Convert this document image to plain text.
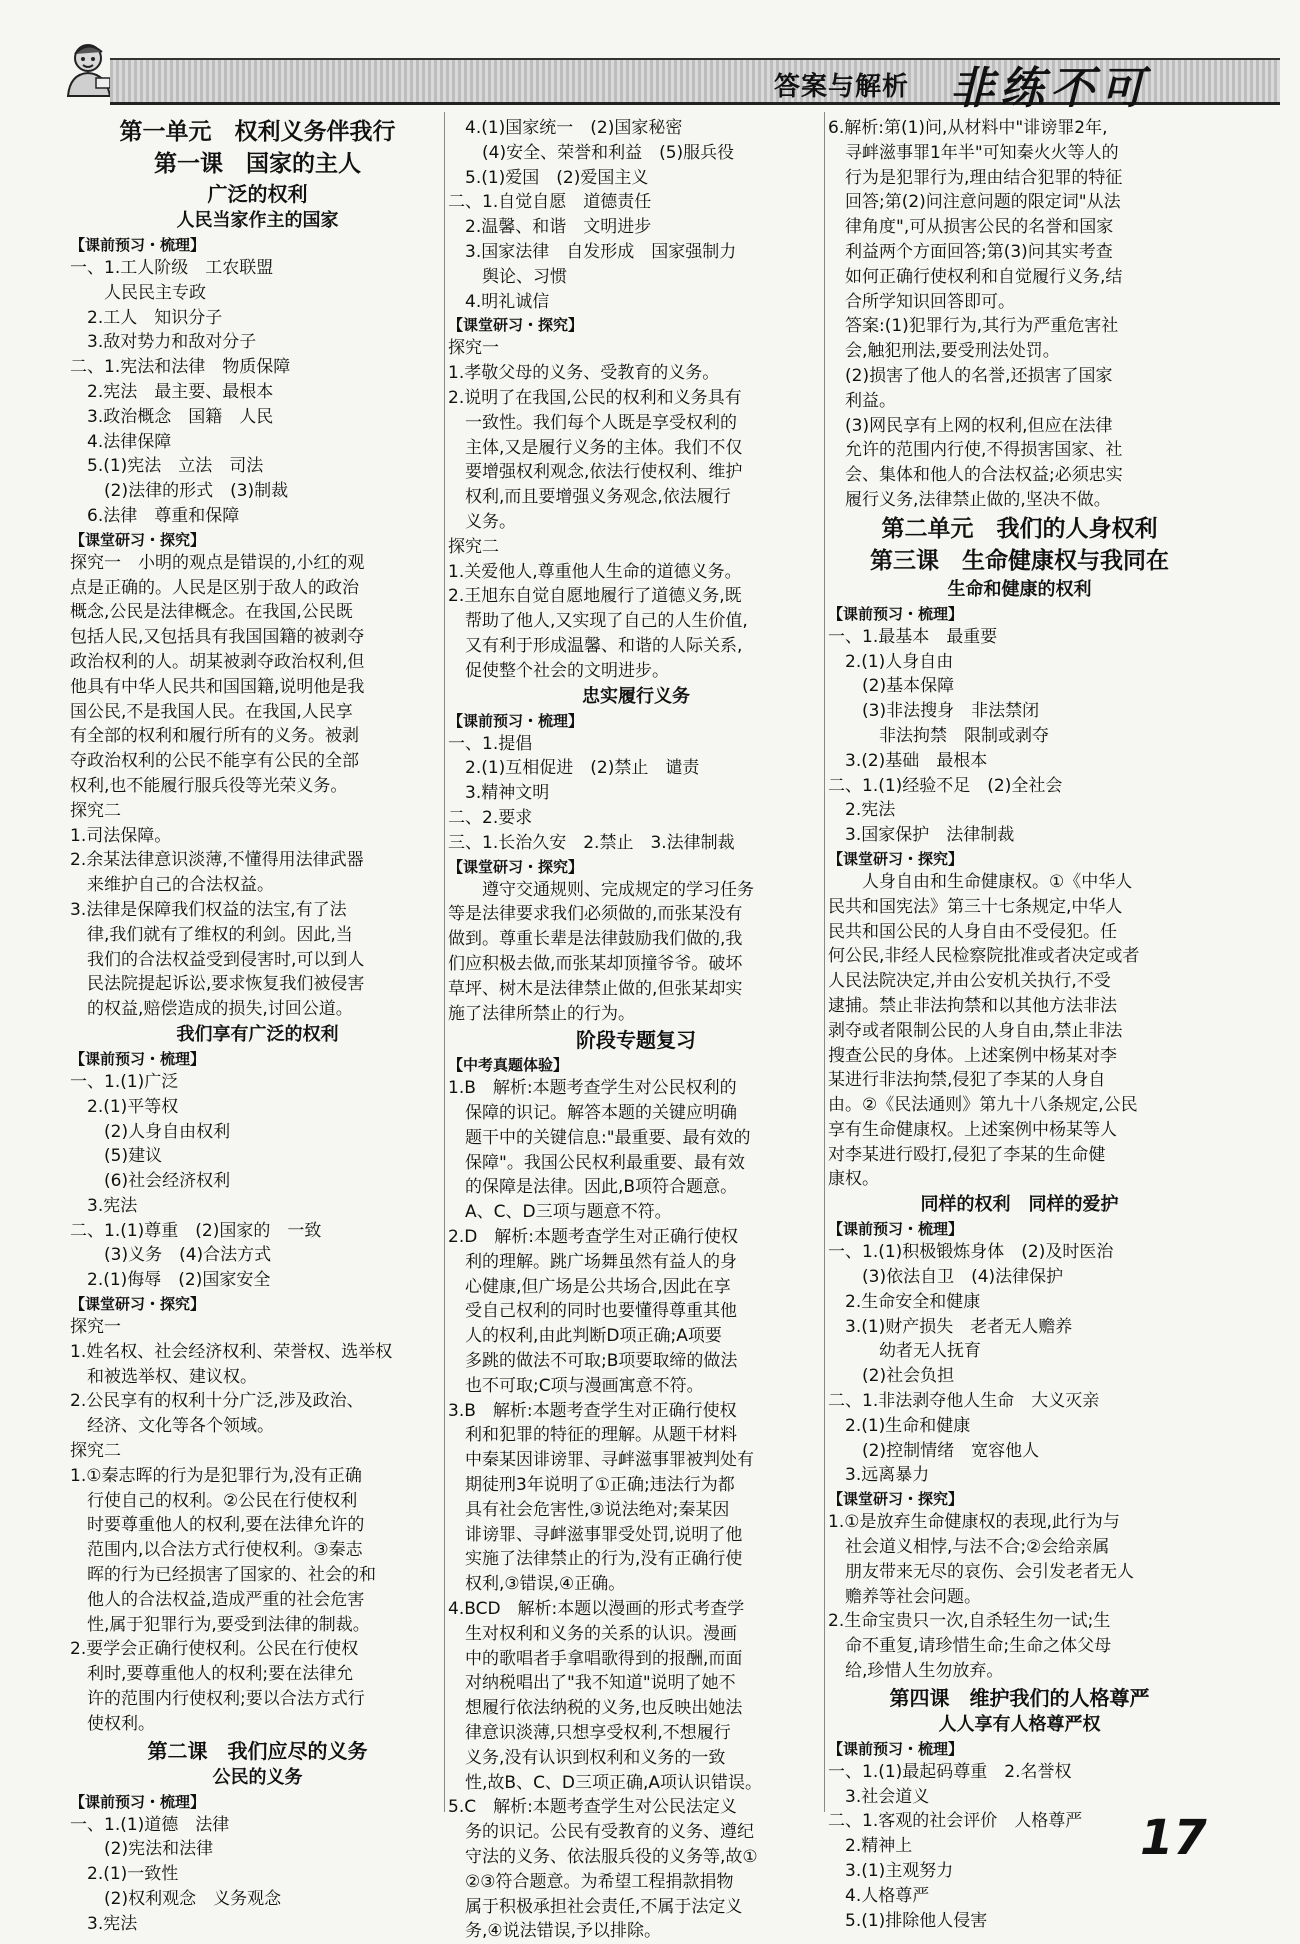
答案与解析 非练不可
第一单元　权利义务伴我行
第一课　国家的主人
广泛的权利
人民当家作主的国家
【课前预习・梳理】
一、1.工人阶级　工农联盟
　　人民民主专政
　2.工人　知识分子
　3.敌对势力和敌对分子
二、1.宪法和法律　物质保障
　2.宪法　最主要、最根本
　3.政治概念　国籍　人民
　4.法律保障
　5.(1)宪法　立法　司法
　　(2)法律的形式　(3)制裁
　6.法律　尊重和保障
【课堂研习・探究】
探究一　小明的观点是错误的,小红的观
点是正确的。人民是区别于敌人的政治
概念,公民是法律概念。在我国,公民既
包括人民,又包括具有我国国籍的被剥夺
政治权利的人。胡某被剥夺政治权利,但
他具有中华人民共和国国籍,说明他是我
国公民,不是我国人民。在我国,人民享
有全部的权利和履行所有的义务。被剥
夺政治权利的公民不能享有公民的全部
权利,也不能履行服兵役等光荣义务。
探究二
1.司法保障。
2.余某法律意识淡薄,不懂得用法律武器
　来维护自己的合法权益。
3.法律是保障我们权益的法宝,有了法
　律,我们就有了维权的利剑。因此,当
　我们的合法权益受到侵害时,可以到人
　民法院提起诉讼,要求恢复我们被侵害
　的权益,赔偿造成的损失,讨回公道。
我们享有广泛的权利
【课前预习・梳理】
一、1.(1)广泛
　2.(1)平等权
　　(2)人身自由权利
　　(5)建议
　　(6)社会经济权利
　3.宪法
二、1.(1)尊重　(2)国家的　一致
　　(3)义务　(4)合法方式
　2.(1)侮辱　(2)国家安全
【课堂研习・探究】
探究一
1.姓名权、社会经济权利、荣誉权、选举权
　和被选举权、建议权。
2.公民享有的权利十分广泛,涉及政治、
　经济、文化等各个领域。
探究二
1.①秦志晖的行为是犯罪行为,没有正确
　行使自己的权利。②公民在行使权利
　时要尊重他人的权利,要在法律允许的
　范围内,以合法方式行使权利。③秦志
　晖的行为已经损害了国家的、社会的和
　他人的合法权益,造成严重的社会危害
　性,属于犯罪行为,要受到法律的制裁。
2.要学会正确行使权利。公民在行使权
　利时,要尊重他人的权利;要在法律允
　许的范围内行使权利;要以合法方式行
　使权利。
第二课　我们应尽的义务
公民的义务
【课前预习・梳理】
一、1.(1)道德　法律
　　(2)宪法和法律
　2.(1)一致性
　　(2)权利观念　义务观念
　3.宪法
　4.(1)国家统一　(2)国家秘密
　　(4)安全、荣誉和利益　(5)服兵役
　5.(1)爱国　(2)爱国主义
二、1.自觉自愿　道德责任
　2.温馨、和谐　文明进步
　3.国家法律　自发形成　国家强制力
　　舆论、习惯
　4.明礼诚信
【课堂研习・探究】
探究一
1.孝敬父母的义务、受教育的义务。
2.说明了在我国,公民的权利和义务具有
　一致性。我们每个人既是享受权利的
　主体,又是履行义务的主体。我们不仅
　要增强权利观念,依法行使权利、维护
　权利,而且要增强义务观念,依法履行
　义务。
探究二
1.关爱他人,尊重他人生命的道德义务。
2.王旭东自觉自愿地履行了道德义务,既
　帮助了他人,又实现了自己的人生价值,
　又有利于形成温馨、和谐的人际关系,
　促使整个社会的文明进步。
忠实履行义务
【课前预习・梳理】
一、1.提倡
　2.(1)互相促进　(2)禁止　谴责
　3.精神文明
二、2.要求
三、1.长治久安　2.禁止　3.法律制裁
【课堂研习・探究】
　　遵守交通规则、完成规定的学习任务
等是法律要求我们必须做的,而张某没有
做到。尊重长辈是法律鼓励我们做的,我
们应积极去做,而张某却顶撞爷爷。破坏
草坪、树木是法律禁止做的,但张某却实
施了法律所禁止的行为。
阶段专题复习
【中考真题体验】
1.B　解析:本题考查学生对公民权利的
　保障的识记。解答本题的关键应明确
　题干中的关键信息:"最重要、最有效的
　保障"。我国公民权利最重要、最有效
　的保障是法律。因此,B项符合题意。
　A、C、D三项与题意不符。
2.D　解析:本题考查学生对正确行使权
　利的理解。跳广场舞虽然有益人的身
　心健康,但广场是公共场合,因此在享
　受自己权利的同时也要懂得尊重其他
　人的权利,由此判断D项正确;A项要
　多跳的做法不可取;B项要取缔的做法
　也不可取;C项与漫画寓意不符。
3.B　解析:本题考查学生对正确行使权
　利和犯罪的特征的理解。从题干材料
　中秦某因诽谤罪、寻衅滋事罪被判处有
　期徒刑3年说明了①正确;违法行为都
　具有社会危害性,③说法绝对;秦某因
　诽谤罪、寻衅滋事罪受处罚,说明了他
　实施了法律禁止的行为,没有正确行使
　权利,③错误,④正确。
4.BCD　解析:本题以漫画的形式考查学
　生对权利和义务的关系的认识。漫画
　中的歌唱者手拿唱歌得到的报酬,而面
　对纳税唱出了"我不知道"说明了她不
　想履行依法纳税的义务,也反映出她法
　律意识淡薄,只想享受权利,不想履行
　义务,没有认识到权利和义务的一致
　性,故B、C、D三项正确,A项认识错误。
5.C　解析:本题考查学生对公民法定义
　务的识记。公民有受教育的义务、遵纪
　守法的义务、依法服兵役的义务等,故①
　②③符合题意。为希望工程捐款捐物
　属于积极承担社会责任,不属于法定义
　务,④说法错误,予以排除。
6.解析:第(1)问,从材料中"诽谤罪2年,
　寻衅滋事罪1年半"可知秦火火等人的
　行为是犯罪行为,理由结合犯罪的特征
　回答;第(2)问注意问题的限定词"从法
　律角度",可从损害公民的名誉和国家
　利益两个方面回答;第(3)问其实考查
　如何正确行使权利和自觉履行义务,结
　合所学知识回答即可。
　答案:(1)犯罪行为,其行为严重危害社
　会,触犯刑法,要受刑法处罚。
　(2)损害了他人的名誉,还损害了国家
　利益。
　(3)网民享有上网的权利,但应在法律
　允许的范围内行使,不得损害国家、社
　会、集体和他人的合法权益;必须忠实
　履行义务,法律禁止做的,坚决不做。
第二单元　我们的人身权利
第三课　生命健康权与我同在
生命和健康的权利
【课前预习・梳理】
一、1.最基本　最重要
　2.(1)人身自由
　　(2)基本保障
　　(3)非法搜身　非法禁闭
　　　非法拘禁　限制或剥夺
　3.(2)基础　最根本
二、1.(1)经验不足　(2)全社会
　2.宪法
　3.国家保护　法律制裁
【课堂研习・探究】
　　人身自由和生命健康权。①《中华人
民共和国宪法》第三十七条规定,中华人
民共和国公民的人身自由不受侵犯。任
何公民,非经人民检察院批准或者决定或者
人民法院决定,并由公安机关执行,不受
逮捕。禁止非法拘禁和以其他方法非法
剥夺或者限制公民的人身自由,禁止非法
搜查公民的身体。上述案例中杨某对李
某进行非法拘禁,侵犯了李某的人身自
由。②《民法通则》第九十八条规定,公民
享有生命健康权。上述案例中杨某等人
对李某进行殴打,侵犯了李某的生命健
康权。
同样的权利　同样的爱护
【课前预习・梳理】
一、1.(1)积极锻炼身体　(2)及时医治
　　(3)依法自卫　(4)法律保护
　2.生命安全和健康
　3.(1)财产损失　老者无人赡养
　　　幼者无人抚育
　　(2)社会负担
二、1.非法剥夺他人生命　大义灭亲
　2.(1)生命和健康
　　(2)控制情绪　宽容他人
　3.远离暴力
【课堂研习・探究】
1.①是放弃生命健康权的表现,此行为与
　社会道义相悖,与法不合;②会给亲属
　朋友带来无尽的哀伤、会引发老者无人
　赡养等社会问题。
2.生命宝贵只一次,自杀轻生勿一试;生
　命不重复,请珍惜生命;生命之体父母
　给,珍惜人生勿放弃。
第四课　维护我们的人格尊严
人人享有人格尊严权
【课前预习・梳理】
一、1.(1)最起码尊重　2.名誉权
　3.社会道义
二、1.客观的社会评价　人格尊严
　2.精神上
　3.(1)主观努力
　4.人格尊严
　5.(1)排除他人侵害
17
